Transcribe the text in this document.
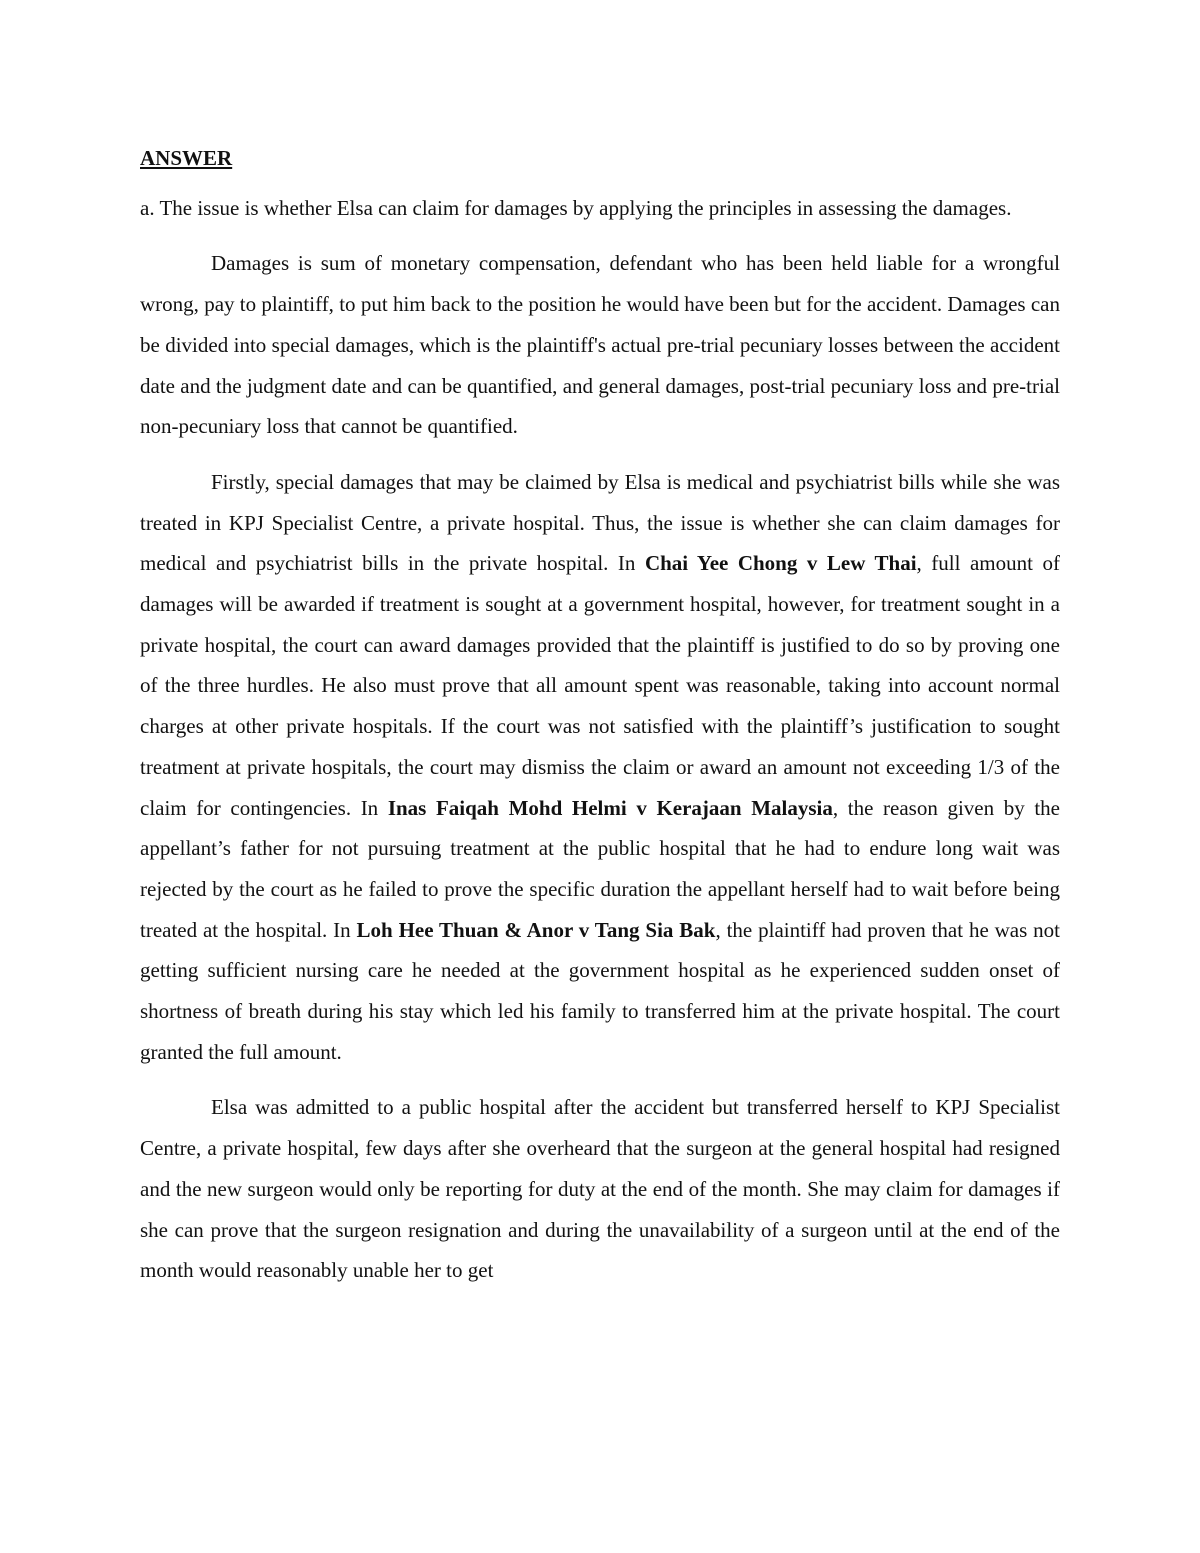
ANSWER

a. The issue is whether Elsa can claim for damages by applying the principles in assessing the damages.

Damages is sum of monetary compensation, defendant who has been held liable for a wrongful wrong, pay to plaintiff, to put him back to the position he would have been but for the accident. Damages can be divided into special damages, which is the plaintiff's actual pre-trial pecuniary losses between the accident date and the judgment date and can be quantified, and general damages, post-trial pecuniary loss and pre-trial non-pecuniary loss that cannot be quantified.

Firstly, special damages that may be claimed by Elsa is medical and psychiatrist bills while she was treated in KPJ Specialist Centre, a private hospital. Thus, the issue is whether she can claim damages for medical and psychiatrist bills in the private hospital. In Chai Yee Chong v Lew Thai, full amount of damages will be awarded if treatment is sought at a government hospital, however, for treatment sought in a private hospital, the court can award damages provided that the plaintiff is justified to do so by proving one of the three hurdles. He also must prove that all amount spent was reasonable, taking into account normal charges at other private hospitals. If the court was not satisfied with the plaintiff’s justification to sought treatment at private hospitals, the court may dismiss the claim or award an amount not exceeding 1/3 of the claim for contingencies. In Inas Faiqah Mohd Helmi v Kerajaan Malaysia, the reason given by the appellant’s father for not pursuing treatment at the public hospital that he had to endure long wait was rejected by the court as he failed to prove the specific duration the appellant herself had to wait before being treated at the hospital. In Loh Hee Thuan & Anor v Tang Sia Bak, the plaintiff had proven that he was not getting sufficient nursing care he needed at the government hospital as he experienced sudden onset of shortness of breath during his stay which led his family to transferred him at the private hospital. The court granted the full amount.

Elsa was admitted to a public hospital after the accident but transferred herself to KPJ Specialist Centre, a private hospital, few days after she overheard that the surgeon at the general hospital had resigned and the new surgeon would only be reporting for duty at the end of the month. She may claim for damages if she can prove that the surgeon resignation and during the unavailability of a surgeon until at the end of the month would reasonably unable her to get
